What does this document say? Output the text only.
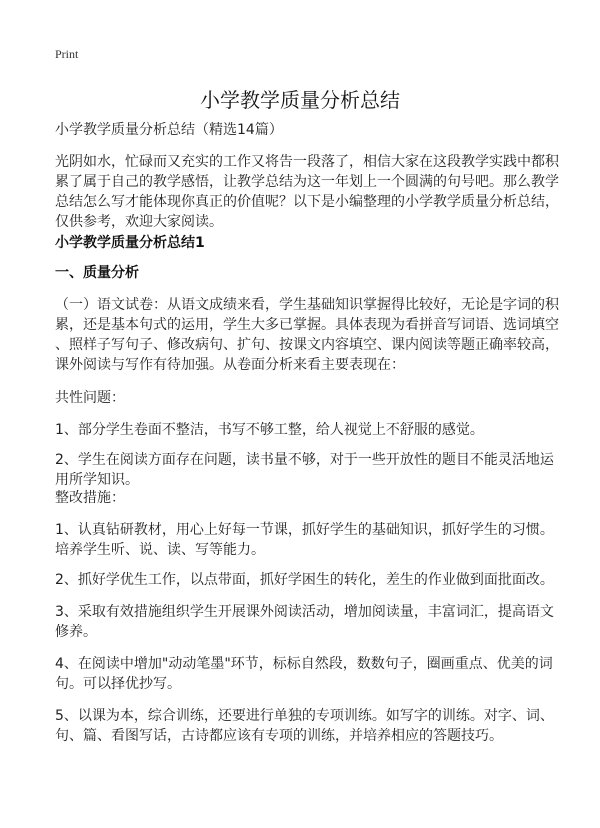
Print
小学教学质量分析总结
小学教学质量分析总结（精选14篇）
光阴如水，忙碌而又充实的工作又将告一段落了，相信大家在这段教学实践中都积
累了属于自己的教学感悟，让教学总结为这一年划上一个圆满的句号吧。那么教学
总结怎么写才能体现你真正的价值呢？以下是小编整理的小学教学质量分析总结，
仅供参考，欢迎大家阅读。
小学教学质量分析总结1
一、质量分析
（一）语文试卷：从语文成绩来看，学生基础知识掌握得比较好，无论是字词的积
累，还是基本句式的运用，学生大多已掌握。具体表现为看拼音写词语、选词填空
、照样子写句子、修改病句、扩句、按课文内容填空、课内阅读等题正确率较高，
课外阅读与写作有待加强。从卷面分析来看主要表现在：
共性问题：
1、部分学生卷面不整洁，书写不够工整，给人视觉上不舒服的感觉。
2、学生在阅读方面存在问题，读书量不够，对于一些开放性的题目不能灵活地运
用所学知识。
整改措施：
1、认真钻研教材，用心上好每一节课，抓好学生的基础知识，抓好学生的习惯。
培养学生听、说、读、写等能力。
2、抓好学优生工作，以点带面，抓好学困生的转化，差生的作业做到面批面改。
3、采取有效措施组织学生开展课外阅读活动，增加阅读量，丰富词汇，提高语文
修养。
4、在阅读中增加"动动笔墨"环节，标标自然段，数数句子，圈画重点、优美的词
句。可以择优抄写。
5、以课为本，综合训练，还要进行单独的专项训练。如写字的训练。对字、词、
句、篇、看图写话，古诗都应该有专项的训练，并培养相应的答题技巧。
